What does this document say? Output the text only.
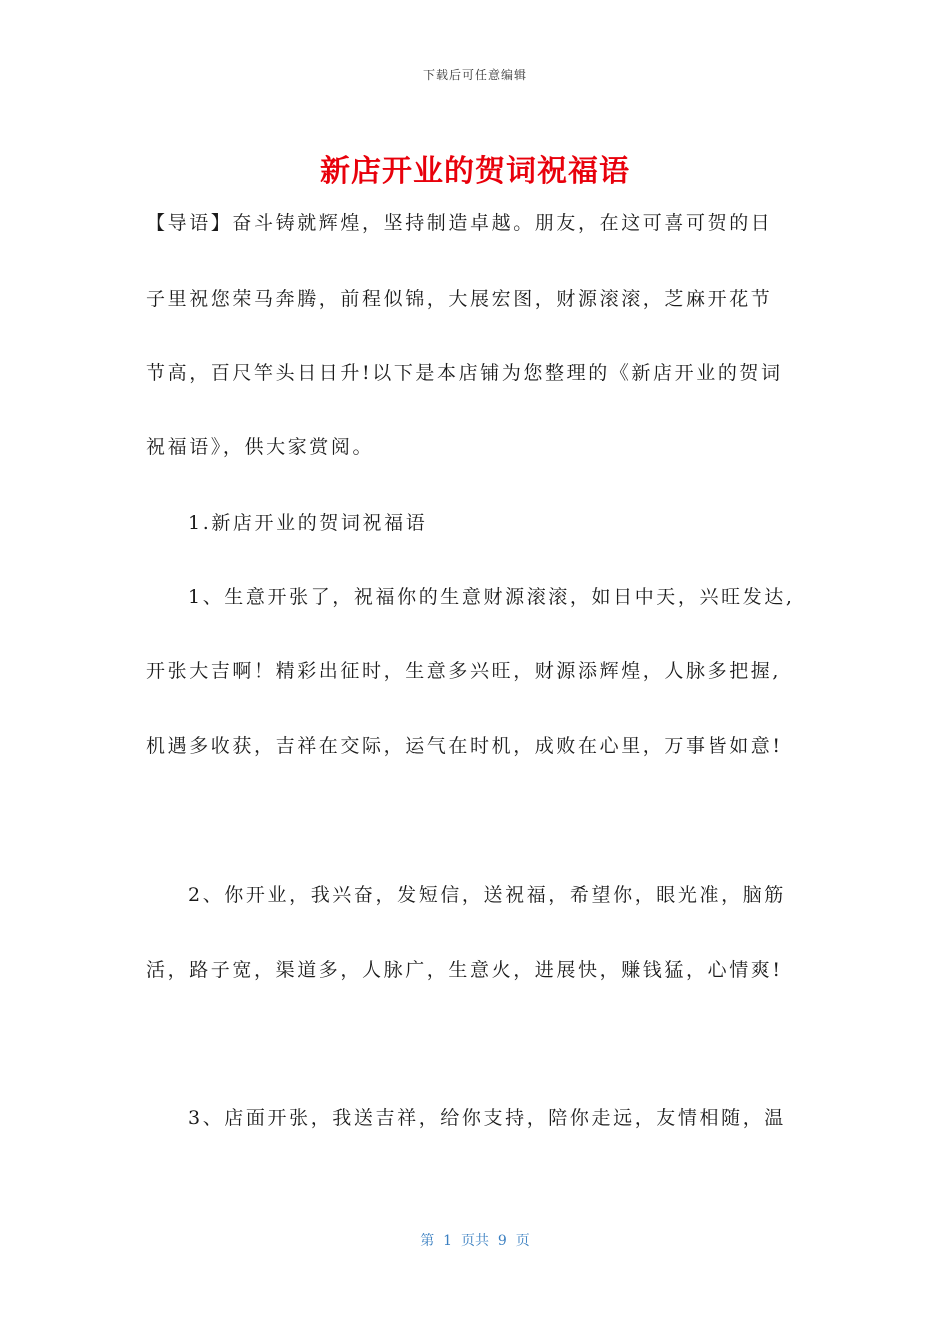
下载后可任意编辑
新店开业的贺词祝福语
【导语】奋斗铸就辉煌，坚持制造卓越。朋友，在这可喜可贺的日
子里祝您荣马奔腾，前程似锦，大展宏图，财源滚滚，芝麻开花节
节高，百尺竿头日日升!以下是本店铺为您整理的《新店开业的贺词
祝福语》，供大家赏阅。
1.新店开业的贺词祝福语
1、生意开张了，祝福你的生意财源滚滚，如日中天，兴旺发达,
开张大吉啊！精彩出征时，生意多兴旺，财源添辉煌，人脉多把握,
机遇多收获，吉祥在交际，运气在时机，成败在心里，万事皆如意!
2、你开业，我兴奋，发短信，送祝福，希望你，眼光准，脑筋
活，路子宽，渠道多，人脉广，生意火，进展快，赚钱猛，心情爽!
3、店面开张，我送吉祥，给你支持，陪你走远，友情相随，温
第  1  页共  9  页
